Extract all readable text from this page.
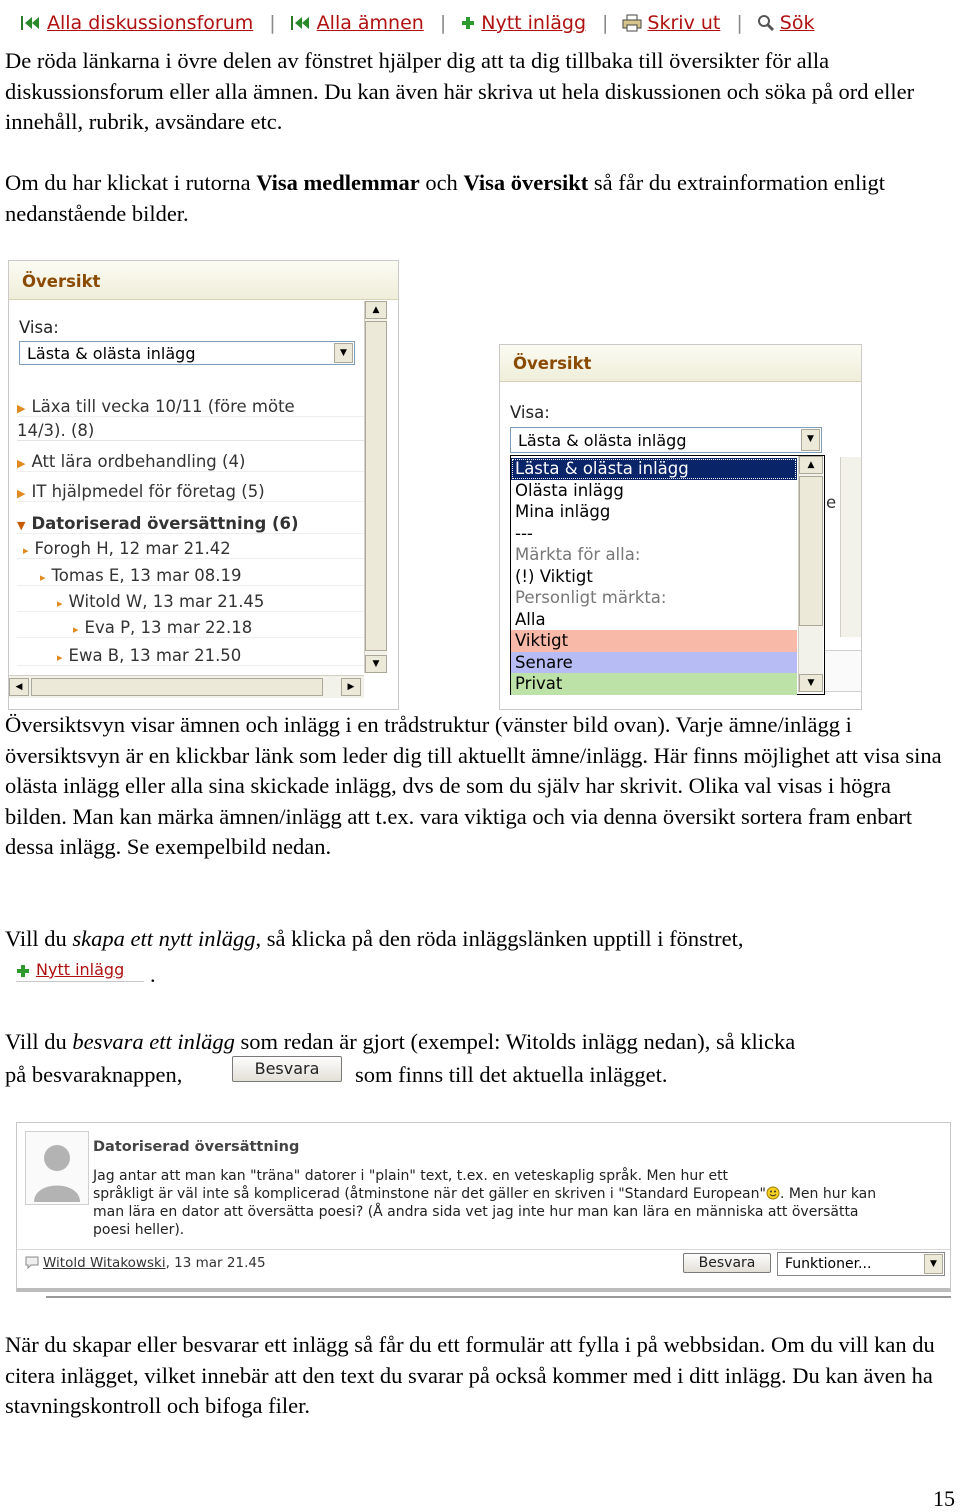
Alla diskussionsforum | Alla ämnen | Nytt inlägg | Skriv ut | Sök

De röda länkarna i övre delen av fönstret hjälper dig att ta dig tillbaka till översikter för alla diskussionsforum eller alla ämnen. Du kan även här skriva ut hela diskussionen och söka på ord eller innehåll, rubrik, avsändare etc.

Om du har klickat i rutorna Visa medlemmar och Visa översikt så får du extrainformation enligt nedanstående bilder.

Översikt
Visa:
Lästa & olästa inlägg	▼
▶ Läxa till vecka 10/11 (före möte
14/3). (8)
▶ Att lära ordbehandling (4)
▶ IT hjälpmedel för företag (5)
▼ Datoriserad översättning (6)
▸ Forogh H, 12 mar 21.42
▸ Tomas E, 13 mar 08.19
▸ Witold W, 13 mar 21.45
▸ Eva P, 13 mar 22.18
▸ Ewa B, 13 mar 21.50
▲
▼
◀	▶
Översikt
Visa:
Lästa & olästa inlägg	▼
e
Lästa & olästa inlägg
Olästa inlägg
Mina inlägg
---
Märkta för alla:
(!) Viktigt
Personligt märkta:
Alla
Viktigt
Senare
Privat
▲
▼

Översiktsvyn visar ämnen och inlägg i en trådstruktur (vänster bild ovan). Varje ämne/inlägg i översiktsvyn är en klickbar länk som leder dig till aktuellt ämne/inlägg. Här finns möjlighet att visa sina olästa inlägg eller alla sina skickade inlägg, dvs de som du själv har skrivit. Olika val visas i högra bilden. Man kan märka ämnen/inlägg att t.ex. vara viktiga och via denna översikt sortera fram enbart dessa inlägg. Se exempelbild nedan.

Vill du skapa ett nytt inlägg, så klicka på den röda inläggslänken upptill i fönstret,

Nytt inlägg .

Vill du besvara ett inlägg som redan är gjort (exempel: Witolds inlägg nedan), så klicka

på besvaraknappen,	Besvara	som finns till det aktuella inlägget.
Datoriserad översättning
Jag antar att man kan "träna" datorer i "plain" text, t.ex. en veteskaplig språk. Men hur ett
språkligt är väl inte så komplicerad (åtminstone när det gäller en skriven i "Standard European" . Men hur kan
man lära en dator att översätta poesi? (Å andra sida vet jag inte hur man kan lära en människa att översätta
poesi heller).
Witold Witakowski, 13 mar 21.45	Besvara	Funktioner...	▼

När du skapar eller besvarar ett inlägg så får du ett formulär att fylla i på webbsidan. Om du vill kan du citera inlägget, vilket innebär att den text du svarar på också kommer med i ditt inlägg. Du kan även ha stavningskontroll och bifoga filer.

15
